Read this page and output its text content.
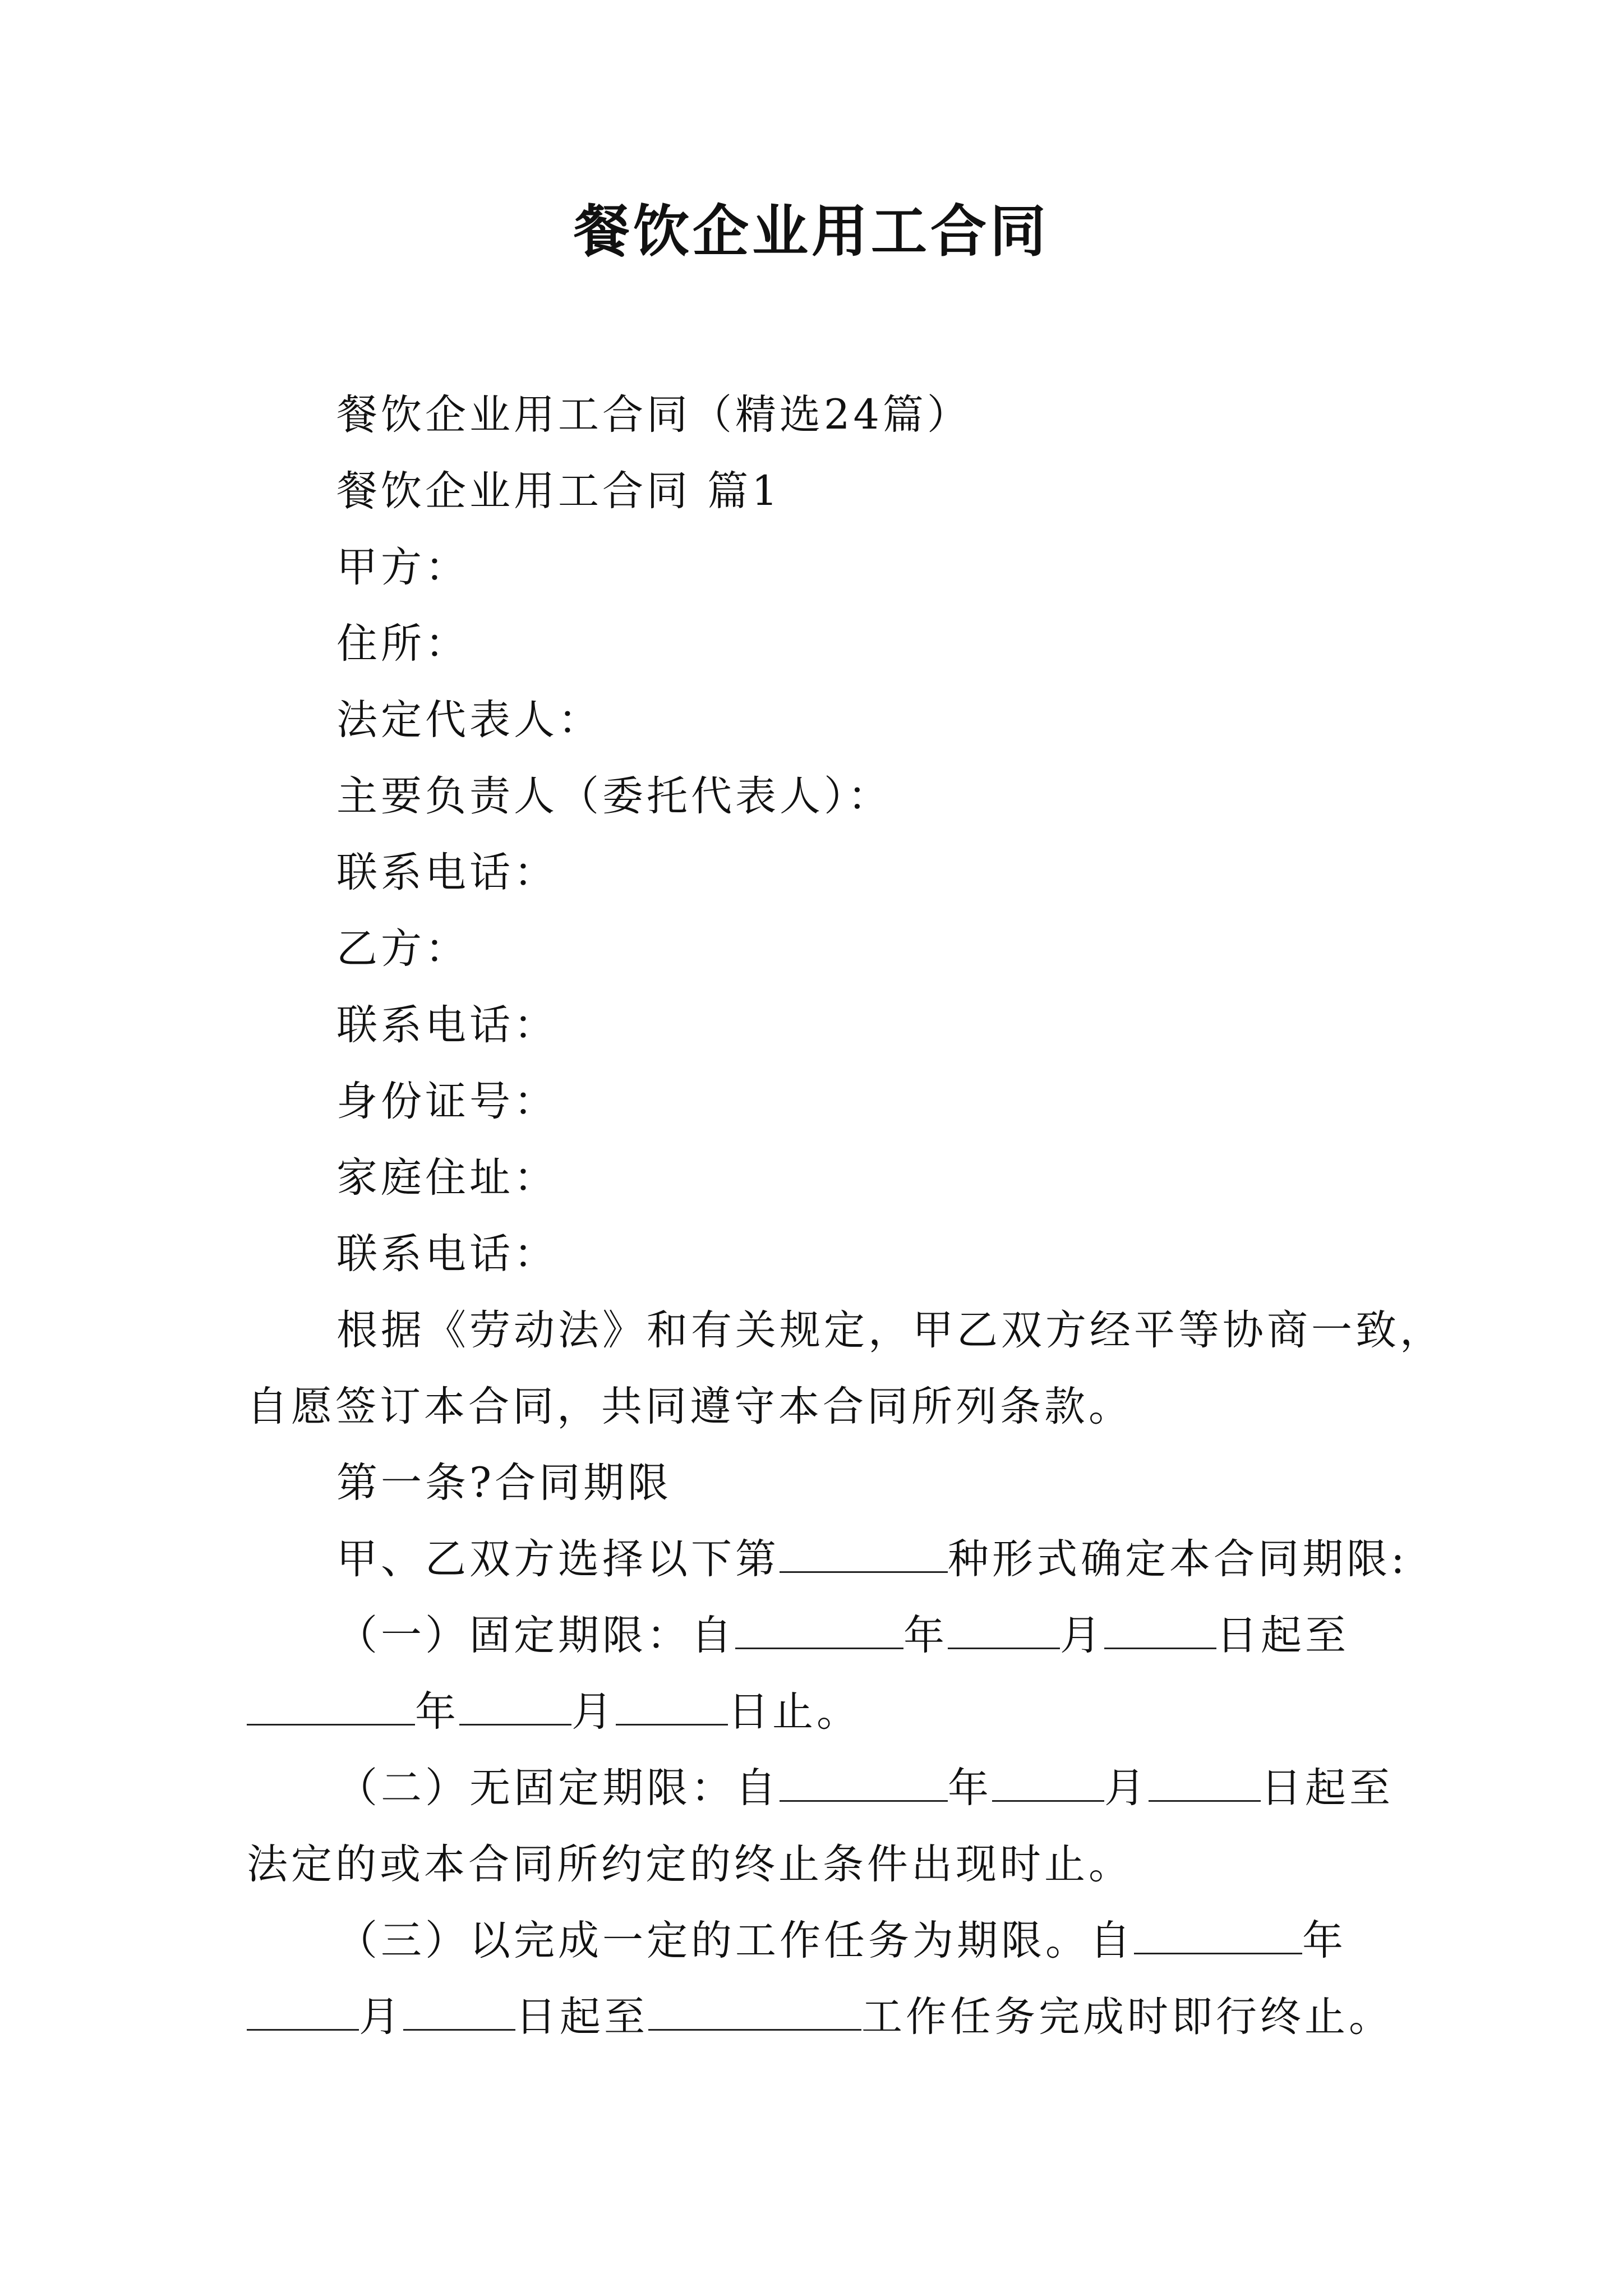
餐饮企业用工合同
餐饮企业用工合同（精选24篇）
餐饮企业用工合同 篇1
甲方：
住所：
法定代表人：
主要负责人（委托代表人）：
联系电话：
乙方：
联系电话：
身份证号：
家庭住址：
联系电话：
根据《劳动法》和有关规定，甲乙双方经平等协商一致，
自愿签订本合同，共同遵守本合同所列条款。
第一条?合同期限
甲、乙双方选择以下第	种形式确定本合同期限:
（一）固定期限：自	年	月	日起至
年	月	日止。
（二）无固定期限：自	年	月	日起至
法定的或本合同所约定的终止条件出现时止。
（三）以完成一定的工作任务为期限。自	年
月	日起至	工作任务完成时即行终止。
